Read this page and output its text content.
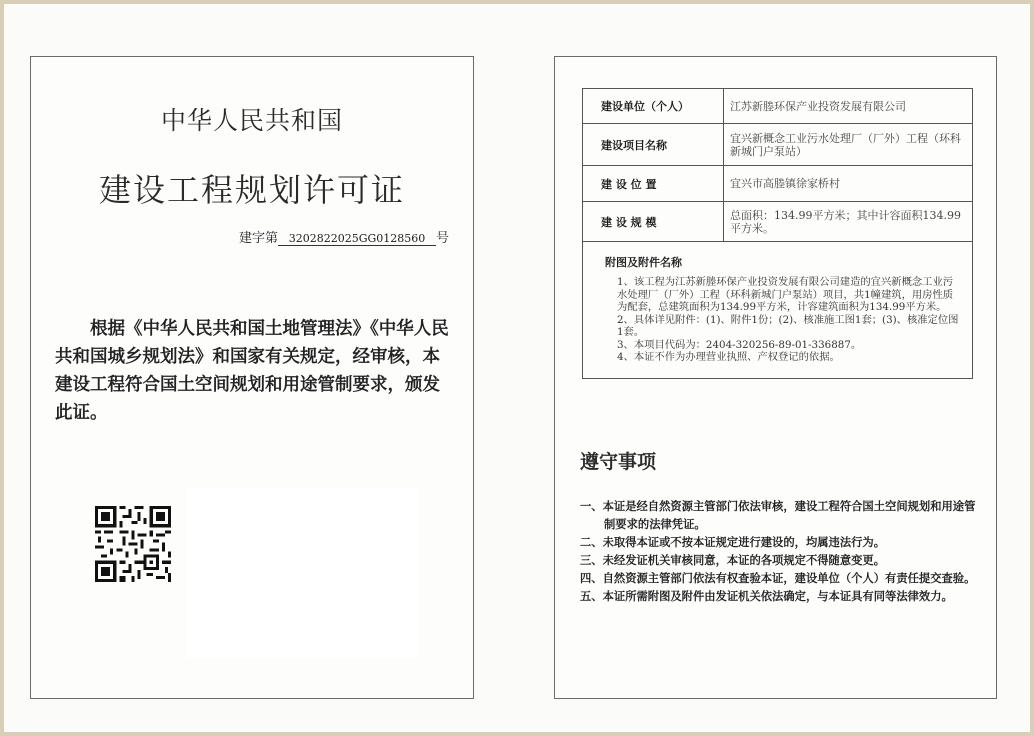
中华人民共和国
建设工程规划许可证
建字第 3202822025GG0128560 号
根据《中华人民共和国土地管理法》《中华人民共和国城乡规划法》和国家有关规定，经审核，本建设工程符合国土空间规划和用途管制要求，颁发此证。
建设单位（个人）	江苏新塍环保产业投资发展有限公司
建设项目名称	宜兴新概念工业污水处理厂（厂外）工程（环科新城门户泵站）
建 设 位 置	宜兴市高塍镇徐家桥村
建 设 规 模	总面积：134.99平方米；其中计容面积134.99平方米。

附图及附件名称
1、该工程为江苏新塍环保产业投资发展有限公司建造的宜兴新概念工业污水处理厂（厂外）工程（环科新城门户泵站）项目，共1幢建筑，用房性质为配套，总建筑面积为134.99平方米，计容建筑面积为134.99平方米。
2、具体详见附件：(1)、附件1份；(2)、核准施工图1套；(3)、核准定位图1套。
3、本项目代码为：2404-320256-89-01-336887。
4、本证不作为办理营业执照、产权登记的依据。	
遵守事项
一、本证是经自然资源主管部门依法审核，建设工程符合国土空间规划和用途管制要求的法律凭证。
二、未取得本证或不按本证规定进行建设的，均属违法行为。
三、未经发证机关审核同意，本证的各项规定不得随意变更。
四、自然资源主管部门依法有权查验本证，建设单位（个人）有责任提交查验。
五、本证所需附图及附件由发证机关依法确定，与本证具有同等法律效力。
